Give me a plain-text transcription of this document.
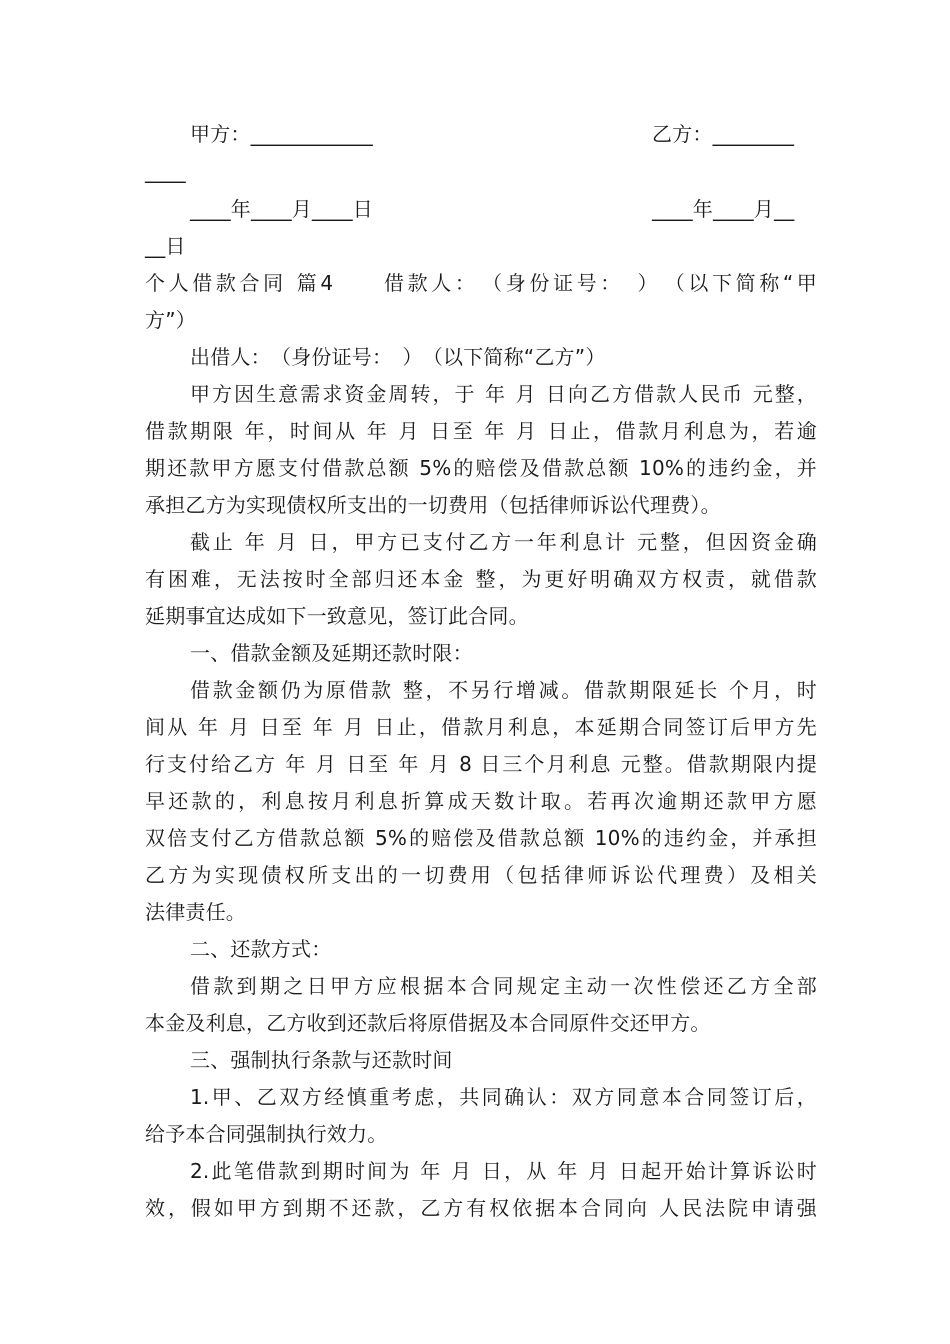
甲方：____________	乙方：________
____
____年____月____日	____年____月__
__日
个人借款合同 篇4　　借款人：　（身份证号：　）　（以下简称“甲
方”）
出借人：　（身份证号：　）　（以下简称“乙方”）
甲方因生意需求资金周转，于 年 月 日向乙方借款人民币 元整，
借款期限 年，时间从 年 月 日至 年 月 日止，借款月利息为，若逾
期还款甲方愿支付借款总额 5%的赔偿及借款总额 10%的违约金，并
承担乙方为实现债权所支出的一切费用（包括律师诉讼代理费）。
截止 年 月 日，甲方已支付乙方一年利息计 元整，但因资金确
有困难，无法按时全部归还本金 整，为更好明确双方权责，就借款
延期事宜达成如下一致意见，签订此合同。
一、借款金额及延期还款时限：
借款金额仍为原借款 整，不另行增减。借款期限延长 个月，时
间从 年 月 日至 年 月 日止，借款月利息，本延期合同签订后甲方先
行支付给乙方 年 月 日至 年 月 8 日三个月利息 元整。借款期限内提
早还款的，利息按月利息折算成天数计取。若再次逾期还款甲方愿
双倍支付乙方借款总额 5%的赔偿及借款总额 10%的违约金，并承担
乙方为实现债权所支出的一切费用（包括律师诉讼代理费）及相关
法律责任。
二、还款方式：
借款到期之日甲方应根据本合同规定主动一次性偿还乙方全部
本金及利息，乙方收到还款后将原借据及本合同原件交还甲方。
三、强制执行条款与还款时间
1.甲、乙双方经慎重考虑，共同确认：双方同意本合同签订后，
给予本合同强制执行效力。
2.此笔借款到期时间为 年 月 日，从 年 月 日起开始计算诉讼时
效，假如甲方到期不还款，乙方有权依据本合同向 人民法院申请强
